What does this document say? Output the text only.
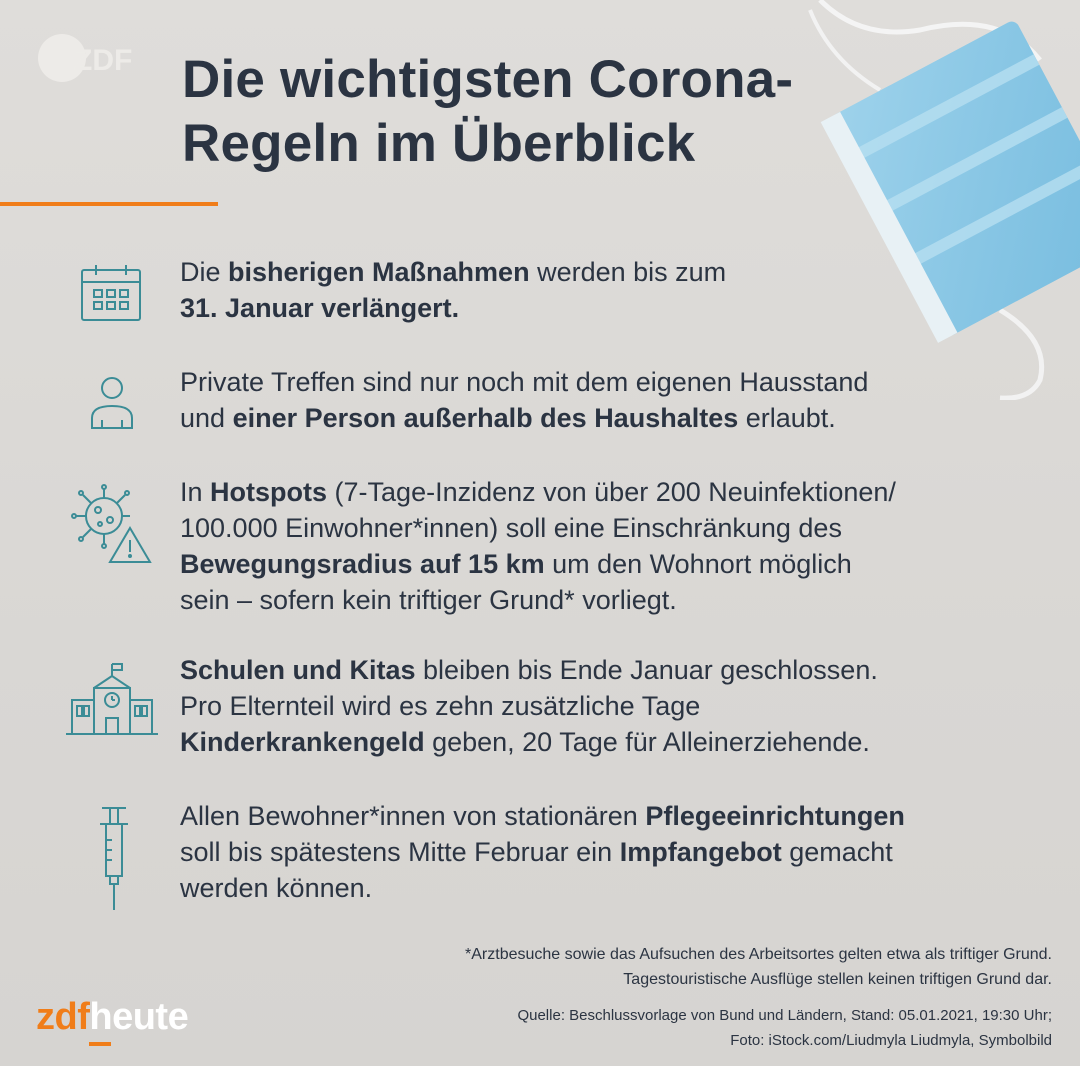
ZDF Die wichtigsten Corona-
Regeln im Überblick
Die bisherigen Maßnahmen werden bis zum
31. Januar verlängert.
Private Treffen sind nur noch mit dem eigenen Hausstand
und einer Person außerhalb des Haushaltes erlaubt.
In Hotspots (7-Tage-Inzidenz von über 200 Neuinfektionen/
100.000 Einwohner*innen) soll eine Einschränkung des
Bewegungsradius auf 15 km um den Wohnort möglich
sein – sofern kein triftiger Grund* vorliegt.
Schulen und Kitas bleiben bis Ende Januar geschlossen.
Pro Elternteil wird es zehn zusätzliche Tage
Kinderkrankengeld geben, 20 Tage für Alleinerziehende.
Allen Bewohner*innen von stationären Pflegeeinrichtungen
soll bis spätestens Mitte Februar ein Impfangebot gemacht
werden können.
*Arztbesuche sowie das Aufsuchen des Arbeitsortes gelten etwa als triftiger Grund.
Tagestouristische Ausflüge stellen keinen triftigen Grund dar.
Quelle: Beschlussvorlage von Bund und Ländern, Stand: 05.01.2021, 19:30 Uhr;
Foto: iStock.com/Liudmyla Liudmyla, Symbolbild
zdfheute
